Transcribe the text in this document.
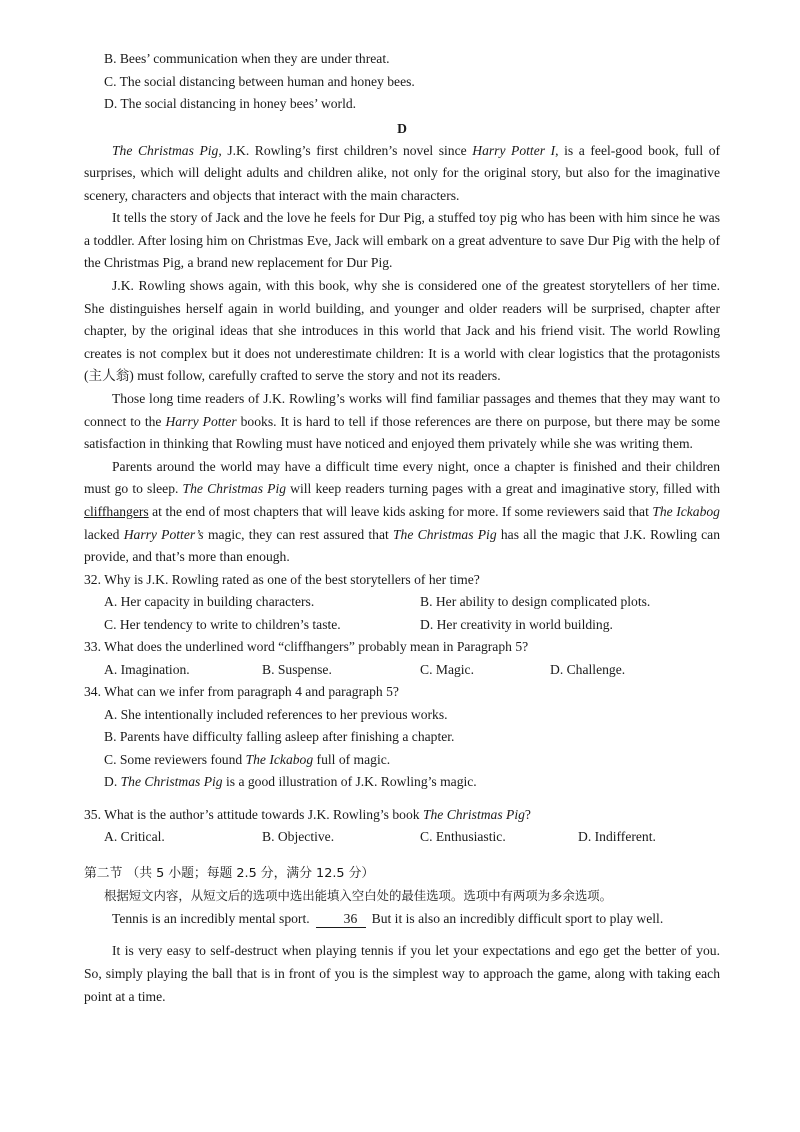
B. Bees’ communication when they are under threat.
C. The social distancing between human and honey bees.
D. The social distancing in honey bees’ world.
D

The Christmas Pig, J.K. Rowling’s first children’s novel since Harry Potter I, is a feel-good book, full of surprises, which will delight adults and children alike, not only for the original story, but also for the imaginative scenery, characters and objects that interact with the main characters.

It tells the story of Jack and the love he feels for Dur Pig, a stuffed toy pig who has been with him since he was a toddler. After losing him on Christmas Eve, Jack will embark on a great adventure to save Dur Pig with the help of the Christmas Pig, a brand new replacement for Dur Pig.

J.K. Rowling shows again, with this book, why she is considered one of the greatest storytellers of her time. She distinguishes herself again in world building, and younger and older readers will be surprised, chapter after chapter, by the original ideas that she introduces in this world that Jack and his friend visit. The world Rowling creates is not complex but it does not underestimate children: It is a world with clear logistics that the protagonists (主人翁) must follow, carefully crafted to serve the story and not its readers.

Those long time readers of J.K. Rowling’s works will find familiar passages and themes that they may want to connect to the Harry Potter books. It is hard to tell if those references are there on purpose, but there may be some satisfaction in thinking that Rowling must have noticed and enjoyed them privately while she was writing them.

Parents around the world may have a difficult time every night, once a chapter is finished and their children must go to sleep. The Christmas Pig will keep readers turning pages with a great and imaginative story, filled with cliffhangers at the end of most chapters that will leave kids asking for more. If some reviewers said that The Ickabog lacked Harry Potter’s magic, they can rest assured that The Christmas Pig has all the magic that J.K. Rowling can provide, and that’s more than enough.

32. Why is J.K. Rowling rated as one of the best storytellers of her time?
A. Her capacity in building characters.	B. Her ability to design complicated plots.
C. Her tendency to write to children’s taste.	D. Her creativity in world building.
33. What does the underlined word “cliffhangers” probably mean in Paragraph 5?
A. Imagination.	B. Suspense.	C. Magic.	D. Challenge.
34. What can we infer from paragraph 4 and paragraph 5?
A. She intentionally included references to her previous works.
B. Parents have difficulty falling asleep after finishing a chapter.
C. Some reviewers found The Ickabog full of magic.
D. The Christmas Pig is a good illustration of J.K. Rowling’s magic.
35. What is the author’s attitude towards J.K. Rowling’s book The Christmas Pig?
A. Critical.	B. Objective.	C. Enthusiastic.	D. Indifferent.
第二节 （共 5 小题；每题 2.5 分，满分 12.5 分）
根据短文内容，从短文后的选项中选出能填入空白处的最佳选项。选项中有两项为多余选项。

Tennis is an incredibly mental sport.	36 But it is also an incredibly difficult sport to play well.

It is very easy to self-destruct when playing tennis if you let your expectations and ego get the better of you. So, simply playing the ball that is in front of you is the simplest way to approach the game, along with taking each point at a time.
